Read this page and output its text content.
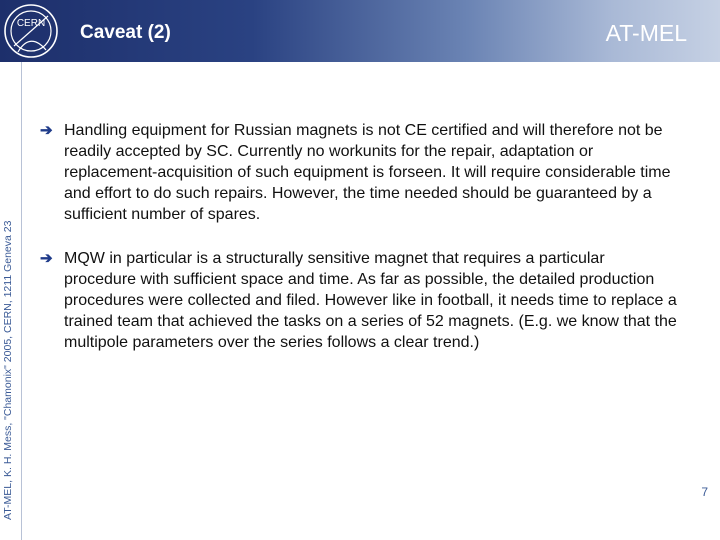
CERN Caveat (2)	AT-MEL
AT-MEL, K. H. Mess, "Chamonix" 2005, CERN, 1211 Geneva 23
➔ Handling equipment for Russian magnets is not CE certified and will therefore not be readily accepted by SC. Currently no workunits for the repair, adaptation or replacement-acquisition of such equipment is forseen. It will require considerable time and effort to do such repairs. However, the time needed should be guaranteed by a sufficient number of spares.
➔ MQW in particular is a structurally sensitive magnet that requires a particular procedure with sufficient space and time. As far as possible, the detailed production procedures were collected and filed. However like in football, it needs time to replace a trained team that achieved the tasks on a series of 52 magnets. (E.g. we know that the multipole parameters over the series follows a clear trend.)
7
